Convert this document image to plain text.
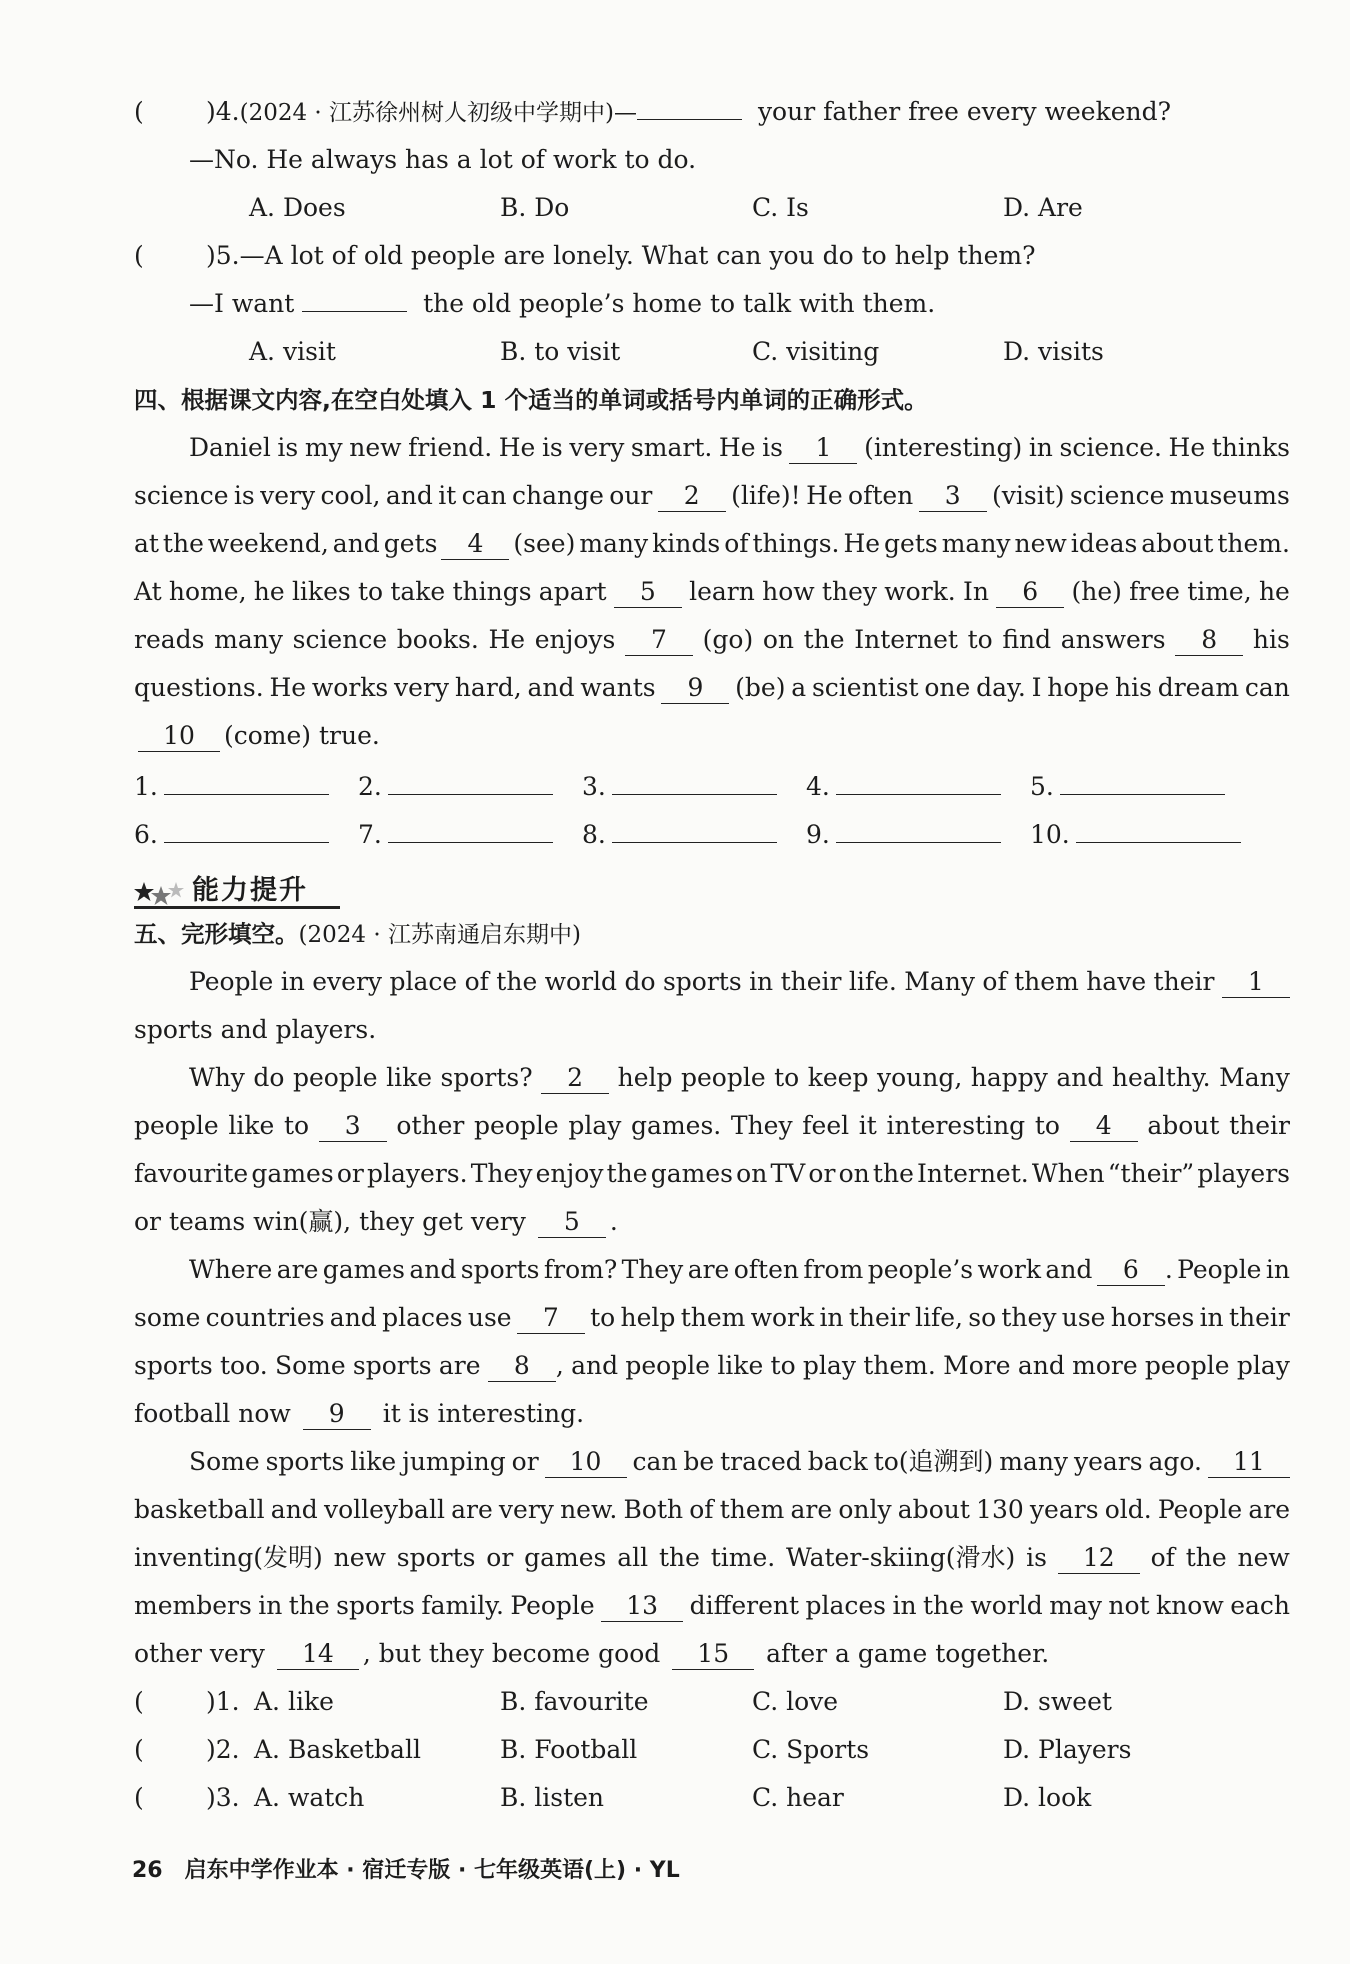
( )4.(2024 · 江苏徐州树人初级中学期中)—	your father free every weekend?
—No. He always has a lot of work to do.
A. Does	B. Do	C. Is	D. Are
( )5.—A lot of old people are lonely. What can you do to help them?
—I want	the old people’s home to talk with them.
A. visit	B. to visit	C. visiting	D. visits
四、根据课文内容,在空白处填入 1 个适当的单词或括号内单词的正确形式。
Daniel is my new friend. He is very smart. He is	1	(interesting) in science. He thinks
science is very cool, and it can change our	2	(life)! He often	3	(visit) science museums
at the weekend, and gets	4	(see) many kinds of things. He gets many new ideas about them.
At home, he likes to take things apart	5	learn how they work. In	6	(he) free time, he
reads many science books. He enjoys	7	(go) on the Internet to find answers	8	his
questions. He works very hard, and wants	9	(be) a scientist one day. I hope his dream can
10 (come) true.
1.	2.	3.	4.	5.
6.	7.	8.	9.	10.
能力提升
五、完形填空。(2024 · 江苏南通启东期中)
People in every place of the world do sports in their life. Many of them have their	1
sports and players.
Why do people like sports?	2	help people to keep young, happy and healthy. Many
people like to	3	other people play games. They feel it interesting to	4	about their
favourite games or players. They enjoy the games on TV or on the Internet. When “their” players
or teams win(赢), they get very 5 .
Where are games and sports from? They are often from people’s work and	6 . People in
some countries and places use	7	to help them work in their life, so they use horses in their
sports too. Some sports are	8 , and people like to play them. More and more people play
football now 9 it is interesting.
Some sports like jumping or	10	can be traced back to(追溯到) many years ago.	11
basketball and volleyball are very new. Both of them are only about 130 years old. People are
inventing(发明) new sports or games all the time. Water-skiing(滑水) is	12	of the new
members in the sports family. People	13	different places in the world may not know each
other very 14 , but they become good 15 after a game together.
( )1. A. like	B. favourite	C. love	D. sweet
( )2. A. Basketball	B. Football	C. Sports	D. Players
( )3. A. watch	B. listen	C. hear	D. look
26 启东中学作业本 · 宿迁专版 · 七年级英语(上) · YL
